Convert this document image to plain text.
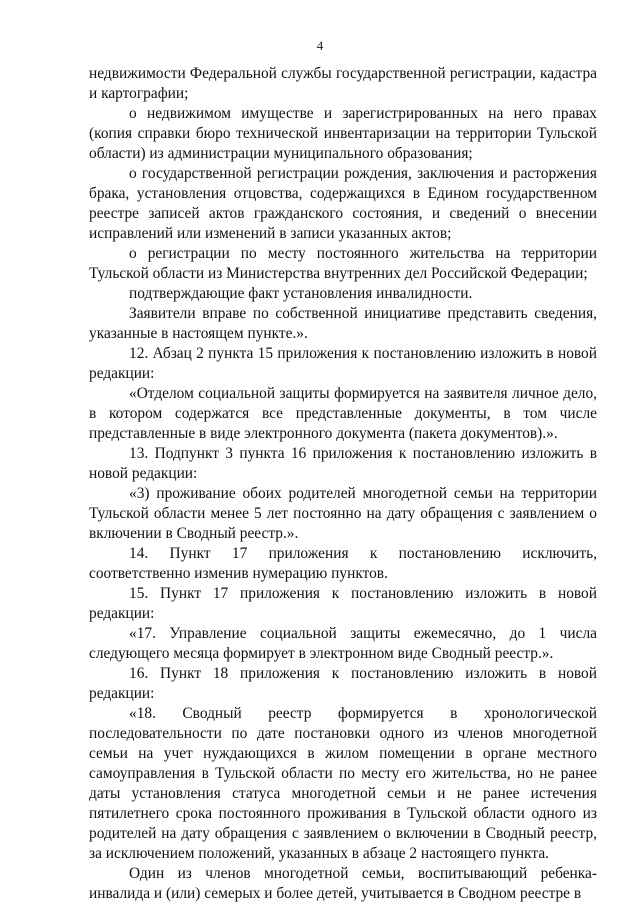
4

недвижимости Федеральной службы государственной регистрации, кадастра и картографии;

о недвижимом имуществе и зарегистрированных на него правах (копия справки бюро технической инвентаризации на территории Тульской области) из администрации муниципального образования;

о государственной регистрации рождения, заключения и расторжения брака, установления отцовства, содержащихся в Едином государственном реестре записей актов гражданского состояния, и сведений о внесении исправлений или изменений в записи указанных актов;

о регистрации по месту постоянного жительства на территории Тульской области из Министерства внутренних дел Российской Федерации;

подтверждающие факт установления инвалидности.

Заявители вправе по собственной инициативе представить сведения, указанные в настоящем пункте.».

12. Абзац 2 пункта 15 приложения к постановлению изложить в новой редакции:

«Отделом социальной защиты формируется на заявителя личное дело, в котором содержатся все представленные документы, в том числе представленные в виде электронного документа (пакета документов).».

13. Подпункт 3 пункта 16 приложения к постановлению изложить в новой редакции:

«3) проживание обоих родителей многодетной семьи на территории Тульской области менее 5 лет постоянно на дату обращения с заявлением о включении в Сводный реестр.».

14. Пункт 17 приложения к постановлению исключить, соответственно изменив нумерацию пунктов.

15. Пункт 17 приложения к постановлению изложить в новой редакции:

«17. Управление социальной защиты ежемесячно, до 1 числа следующего месяца формирует в электронном виде Сводный реестр.».

16. Пункт 18 приложения к постановлению изложить в новой редакции:

«18. Сводный реестр формируется в хронологической последовательности по дате постановки одного из членов многодетной семьи на учет нуждающихся в жилом помещении в органе местного самоуправления в Тульской области по месту его жительства, но не ранее даты установления статуса многодетной семьи и не ранее истечения пятилетнего срока постоянного проживания в Тульской области одного из родителей на дату обращения с заявлением о включении в Сводный реестр, за исключением положений, указанных в абзаце 2 настоящего пункта.

Один из членов многодетной семьи, воспитывающий ребенка-инвалида и (или) семерых и более детей, учитывается в Сводном реестре в
